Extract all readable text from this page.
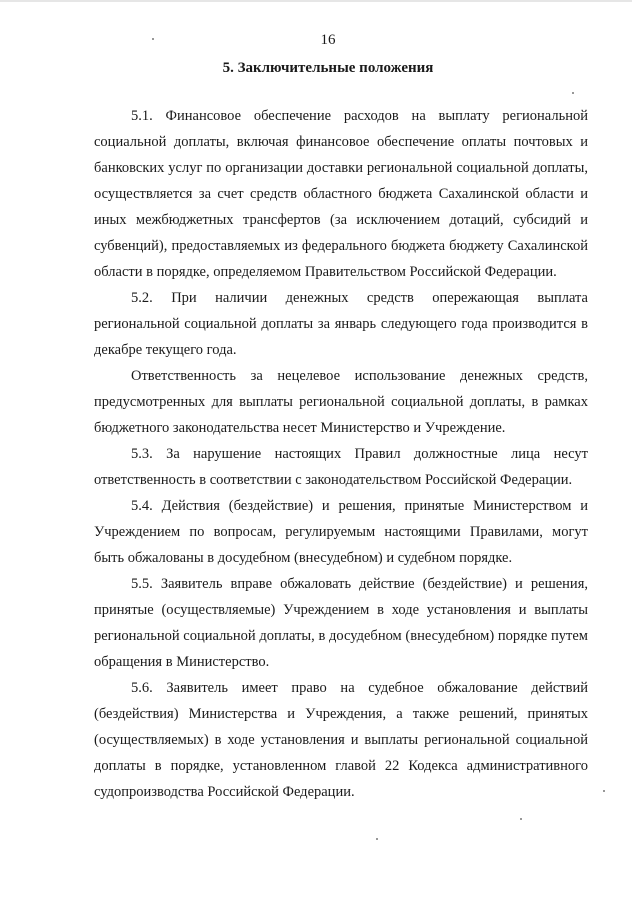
16
5. Заключительные положения

5.1. Финансовое обеспечение расходов на выплату региональной социальной доплаты, включая финансовое обеспечение оплаты почтовых и банковских услуг по организации доставки региональной социальной доплаты, осуществляется за счет средств областного бюджета Сахалинской области и иных межбюджетных трансфертов (за исключением дотаций, субсидий и субвенций), предоставляемых из федерального бюджета бюджету Сахалинской области в порядке, определяемом Правительством Российской Федерации.

5.2. При наличии денежных средств опережающая выплата региональной социальной доплаты за январь следующего года производится в декабре текущего года.

Ответственность за нецелевое использование денежных средств, предусмотренных для выплаты региональной социальной доплаты, в рамках бюджетного законодательства несет Министерство и Учреждение.

5.3. За нарушение настоящих Правил должностные лица несут ответственность в соответствии с законодательством Российской Федерации.

5.4. Действия (бездействие) и решения, принятые Министерством и Учреждением по вопросам, регулируемым настоящими Правилами, могут быть обжалованы в досудебном (внесудебном) и судебном порядке.

5.5. Заявитель вправе обжаловать действие (бездействие) и решения, принятые (осуществляемые) Учреждением в ходе установления и выплаты региональной социальной доплаты, в досудебном (внесудебном) порядке путем обращения в Министерство.

5.6. Заявитель имеет право на судебное обжалование действий (бездействия) Министерства и Учреждения, а также решений, принятых (осуществляемых) в ходе установления и выплаты региональной социальной доплаты в порядке, установленном главой 22 Кодекса административного судопроизводства Российской Федерации.
